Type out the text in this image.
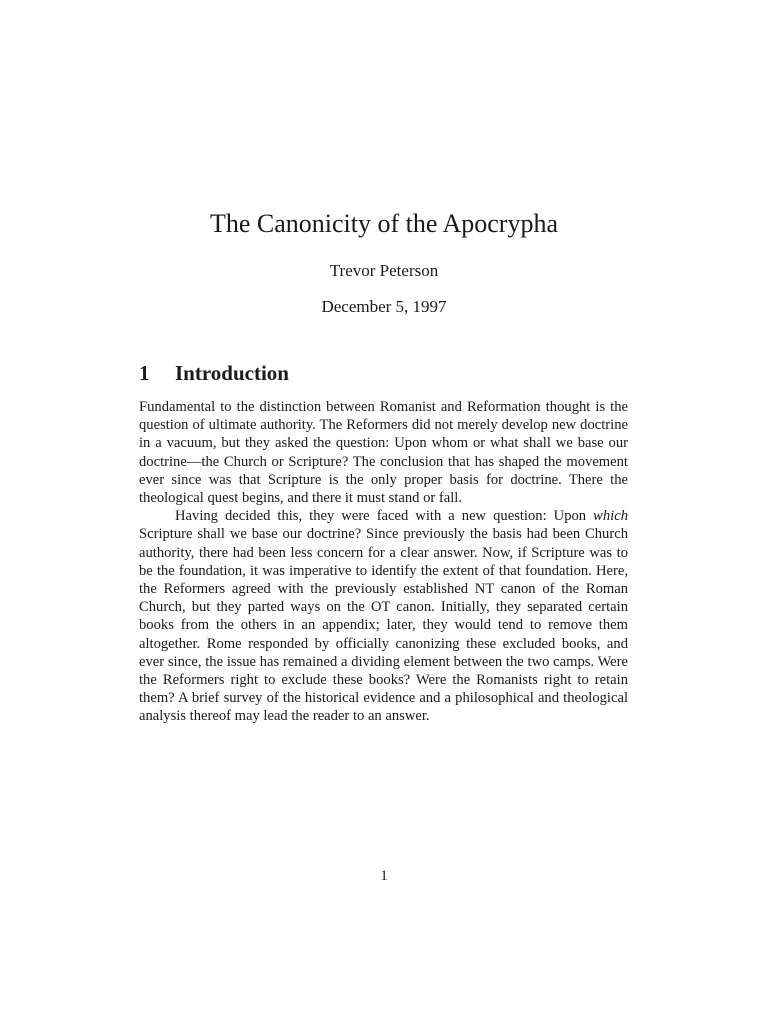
The Canonicity of the Apocrypha
Trevor Peterson
December 5, 1997
1 Introduction

Fundamental to the distinction between Romanist and Reformation thought is the question of ultimate authority. The Reformers did not merely develop new doctrine in a vacuum, but they asked the question: Upon whom or what shall we base our doctrine—the Church or Scripture? The conclusion that has shaped the movement ever since was that Scripture is the only proper basis for doctrine. There the theological quest begins, and there it must stand or fall.

Having decided this, they were faced with a new question: Upon which Scripture shall we base our doctrine? Since previously the basis had been Church authority, there had been less concern for a clear answer. Now, if Scripture was to be the foundation, it was imperative to identify the extent of that foundation. Here, the Reformers agreed with the previously established NT canon of the Roman Church, but they parted ways on the OT canon. Initially, they separated certain books from the others in an appendix; later, they would tend to remove them altogether. Rome responded by officially canonizing these excluded books, and ever since, the issue has remained a dividing element between the two camps. Were the Reformers right to exclude these books? Were the Romanists right to retain them? A brief survey of the historical evidence and a philosophical and theological analysis thereof may lead the reader to an answer.

1
